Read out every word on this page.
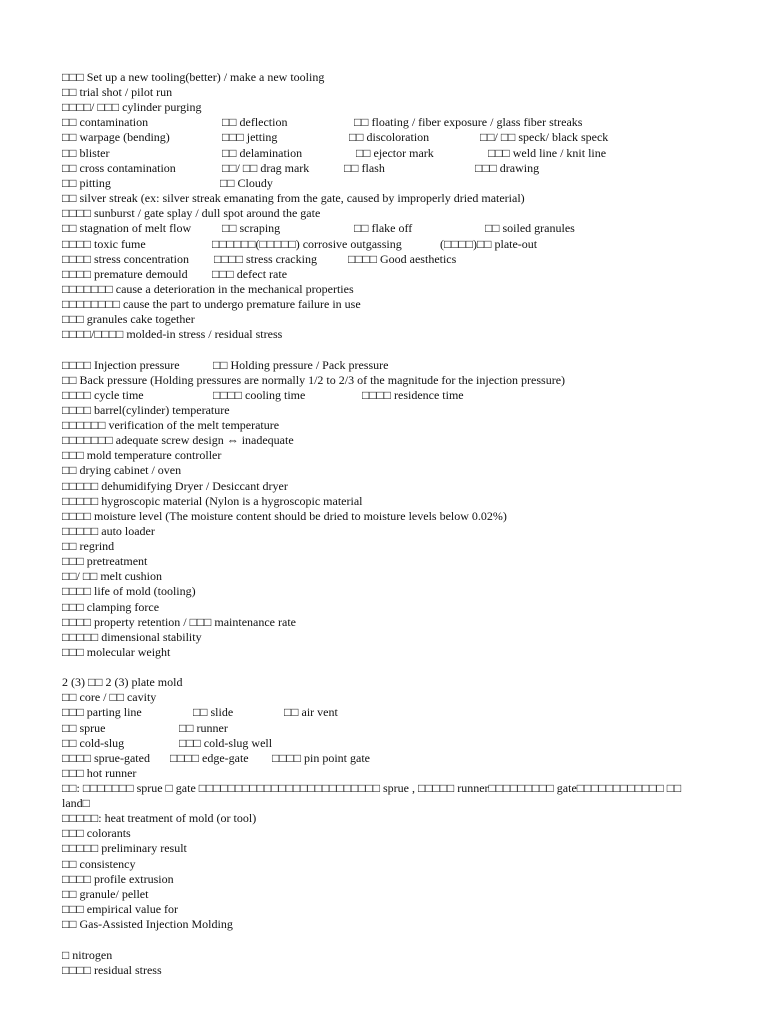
□□□ Set up a new tooling(better) / make a new tooling
□□ trial shot / pilot run
□□□□/ □□□ cylinder purging
□□ contamination	□□ deflection	□□ floating / fiber exposure / glass fiber streaks
□□ warpage (bending)	□□□ jetting	□□ discoloration	□□/ □□ speck/ black speck
□□ blister	□□ delamination	□□ ejector mark	□□□ weld line / knit line
□□ cross contamination	□□/ □□ drag mark	□□ flash	□□□ drawing
□□ pitting	□□ Cloudy
□□ silver streak (ex: silver streak emanating from the gate, caused by improperly dried material)
□□□□ sunburst / gate splay / dull spot around the gate
□□ stagnation of melt flow	□□ scraping	□□ flake off	□□ soiled granules
□□□□ toxic fume	□□□□□□(□□□□□) corrosive outgassing	(□□□□)□□ plate-out
□□□□ stress concentration □□□□ stress cracking	□□□□ Good aesthetics
□□□□ premature demould □□□ defect rate
□□□□□□□ cause a deterioration in the mechanical properties
□□□□□□□□ cause the part to undergo premature failure in use
□□□ granules cake together
□□□□/□□□□ molded-in stress / residual stress
□□□□ Injection pressure	□□ Holding pressure / Pack pressure
□□ Back pressure (Holding pressures are normally 1/2 to 2/3 of the magnitude for the injection pressure)
□□□□ cycle time	□□□□ cooling time	□□□□ residence time
□□□□ barrel(cylinder) temperature
□□□□□□ verification of the melt temperature
□□□□□□□ adequate screw design ⇔ inadequate
□□□ mold temperature controller
□□ drying cabinet / oven
□□□□□ dehumidifying Dryer / Desiccant dryer
□□□□□ hygroscopic material (Nylon is a hygroscopic material
□□□□ moisture level (The moisture content should be dried to moisture levels below 0.02%)
□□□□□ auto loader
□□ regrind
□□□ pretreatment
□□/ □□ melt cushion
□□□□ life of mold (tooling)
□□□ clamping force
□□□□ property retention / □□□ maintenance rate
□□□□□ dimensional stability
□□□ molecular weight
2 (3) □□ 2 (3) plate mold
□□ core / □□ cavity
□□□ parting line	□□ slide	□□ air vent
□□ sprue	□□ runner
□□ cold-slug	□□□ cold-slug well
□□□□ sprue-gated □□□□ edge-gate □□□□ pin point gate
□□□ hot runner
□□: □□□□□□□ sprue □ gate □□□□□□□□□□□□□□□□□□□□□□□□□ sprue , □□□□□ runner□□□□□□□□□ gate□□□□□□□□□□□□ □□ land□
□□□□□: heat treatment of mold (or tool)
□□□ colorants
□□□□□ preliminary result
□□ consistency
□□□□ profile extrusion
□□ granule/ pellet
□□□ empirical value for
□□ Gas-Assisted Injection Molding
□ nitrogen
□□□□ residual stress
